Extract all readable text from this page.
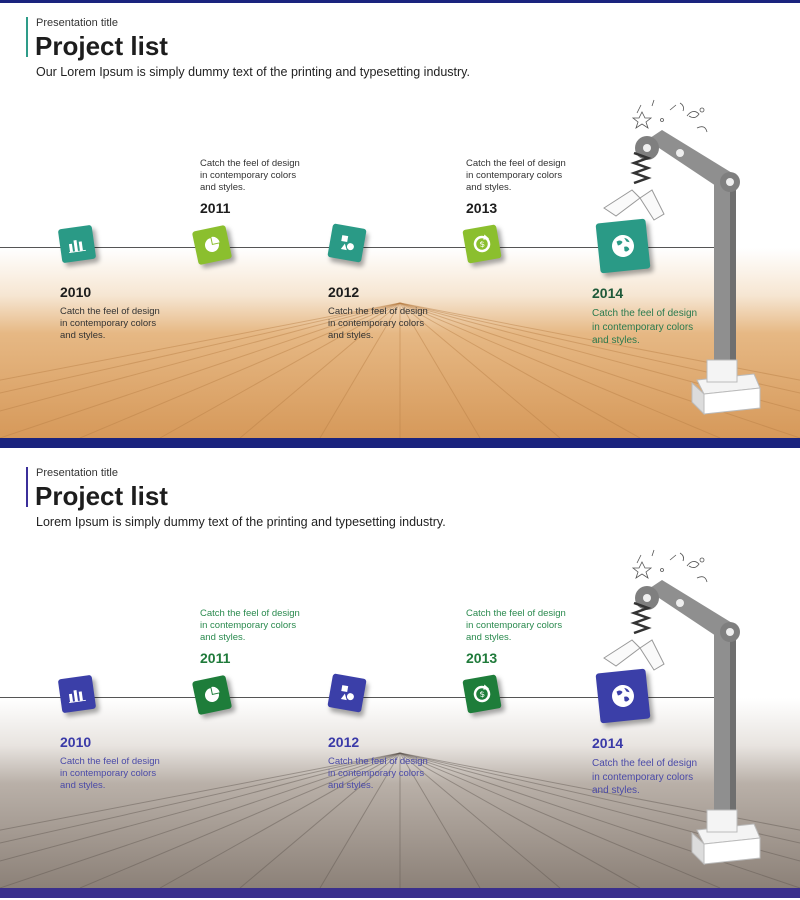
Presentation title
Project list
Our Lorem Ipsum is simply dummy text of the printing and typesetting industry.
Catch the feel of design
in contemporary colors
and styles.
2011
Catch the feel of design
in contemporary colors
and styles.
2013
$
2010
Catch the feel of design
in contemporary colors
and styles.
2012
Catch the feel of design
in contemporary colors
and styles.
2014
Catch the feel of design
in contemporary colors
and styles.
Presentation title
Project list
Lorem Ipsum is simply dummy text of the printing and typesetting industry.
Catch the feel of design
in contemporary colors
and styles.
2011
Catch the feel of design
in contemporary colors
and styles.
2013
$
2010
Catch the feel of design
in contemporary colors
and styles.
2012
Catch the feel of design
in contemporary colors
and styles.
2014
Catch the feel of design
in contemporary colors
and styles.
